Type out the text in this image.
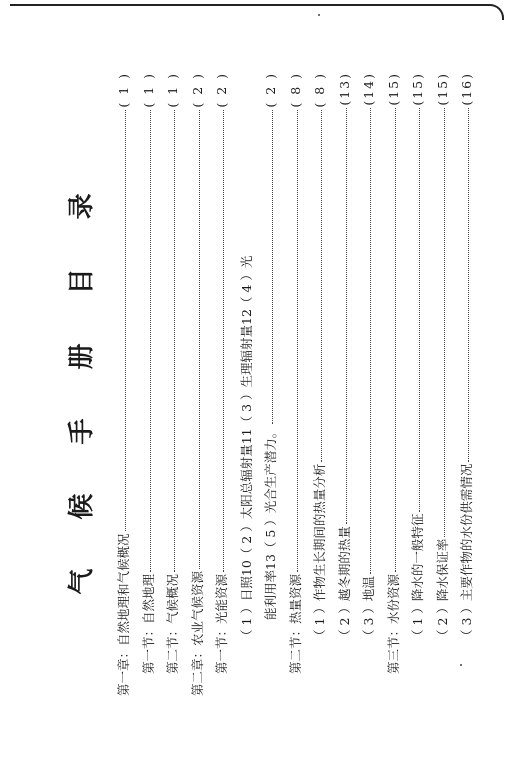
气 候 手 册 目 录
第一章：自然地理和气候概况
( 1 )
第一节：自然地理
( 1 )
第二节：气候概况
( 1 )
第二章：农业气候资源
( 2 )
第一节：光能资源
( 2 )
（ 1 ）日照10（ 2 ）太阳总辐射量11（ 3 ）生理辐射量12（ 4 ）光 能利用率13（ 5 ）光合生产潜力。
( 2 )
第二节：热量资源
( 8 )
（ 1 ）作物生长期间的热量分析
( 8 )
（ 2 ）越冬期的热量
(13)
（ 3 ）地温
(14)
第三节：水份资源
(15)
（ 1 ）降水的一般特征
(15)
（ 2 ）降水保证率
(15)
（ 3 ）主要作物的水份供需情况
(16)
